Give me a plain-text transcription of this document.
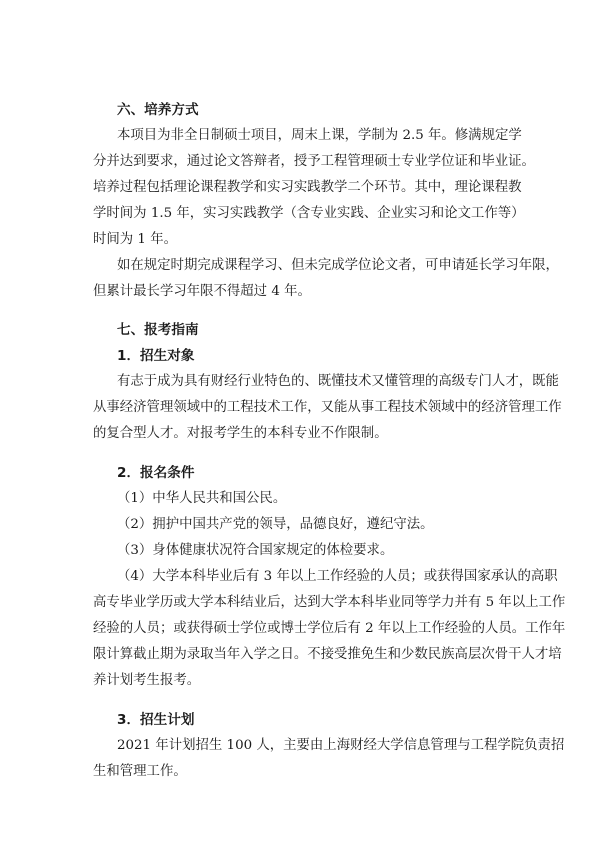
六、培养方式
本项目为非全日制硕士项目，周末上课，学制为 2.5 年。修满规定学
分并达到要求，通过论文答辩者，授予工程管理硕士专业学位证和毕业证。
培养过程包括理论课程教学和实习实践教学二个环节。其中，理论课程教
学时间为 1.5 年，实习实践教学（含专业实践、企业实习和论文工作等）
时间为 1 年。
如在规定时期完成课程学习、但未完成学位论文者，可申请延长学习年限，
但累计最长学习年限不得超过 4 年。
七、报考指南
1．招生对象
有志于成为具有财经行业特色的、既懂技术又懂管理的高级专门人才，既能
从事经济管理领域中的工程技术工作，又能从事工程技术领域中的经济管理工作
的复合型人才。对报考学生的本科专业不作限制。
2．报名条件
（1）中华人民共和国公民。
（2）拥护中国共产党的领导，品德良好，遵纪守法。
（3）身体健康状况符合国家规定的体检要求。
（4）大学本科毕业后有 3 年以上工作经验的人员；或获得国家承认的高职
高专毕业学历或大学本科结业后，达到大学本科毕业同等学力并有 5 年以上工作
经验的人员；或获得硕士学位或博士学位后有 2 年以上工作经验的人员。工作年
限计算截止期为录取当年入学之日。不接受推免生和少数民族高层次骨干人才培
养计划考生报考。
3．招生计划
2021 年计划招生 100 人，主要由上海财经大学信息管理与工程学院负责招
生和管理工作。
